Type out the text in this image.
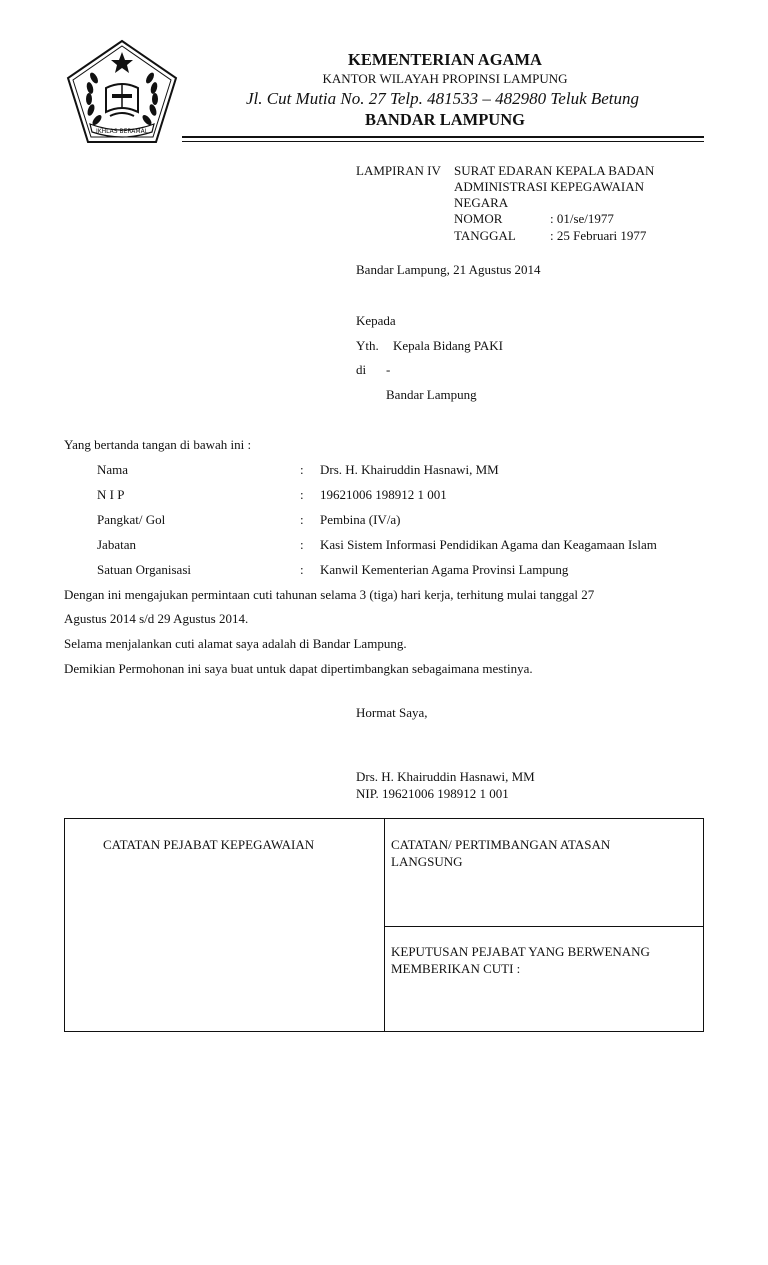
IKHLAS BERAMAL
KEMENTERIAN AGAMA
KANTOR WILAYAH PROPINSI LAMPUNG
Jl. Cut Mutia No. 27 Telp. 481533 – 482980 Teluk Betung
BANDAR LAMPUNG
LAMPIRAN IV SURAT EDARAN KEPALA BADAN
ADMINISTRASI KEPEGAWAIAN
NEGARA
NOMOR	: 01/se/1977
TANGGAL	: 25 Februari 1977
Bandar Lampung, 21 Agustus 2014
Kepada
Yth. Kepala Bidang PAKI
di -
Bandar Lampung
Yang bertanda tangan di bawah ini :
Nama	: Drs. H. Khairuddin Hasnawi, MM
N I P	: 19621006 198912 1 001
Pangkat/ Gol	: Pembina (IV/a)
Jabatan	: Kasi Sistem Informasi Pendidikan Agama dan Keagamaan Islam
Satuan Organisasi	: Kanwil Kementerian Agama Provinsi Lampung
Dengan ini mengajukan permintaan cuti tahunan selama 3 (tiga) hari kerja, terhitung mulai tanggal 27
Agustus 2014 s/d 29 Agustus 2014.
Selama menjalankan cuti alamat saya adalah di Bandar Lampung.
Demikian Permohonan ini saya buat untuk dapat dipertimbangkan sebagaimana mestinya.
Hormat Saya,
Drs. H. Khairuddin Hasnawi, MM
NIP. 19621006 198912 1 001
CATATAN PEJABAT KEPEGAWAIAN	CATATAN/ PERTIMBANGAN ATASAN LANGSUNG
KEPUTUSAN PEJABAT YANG BERWENANG MEMBERIKAN CUTI :
